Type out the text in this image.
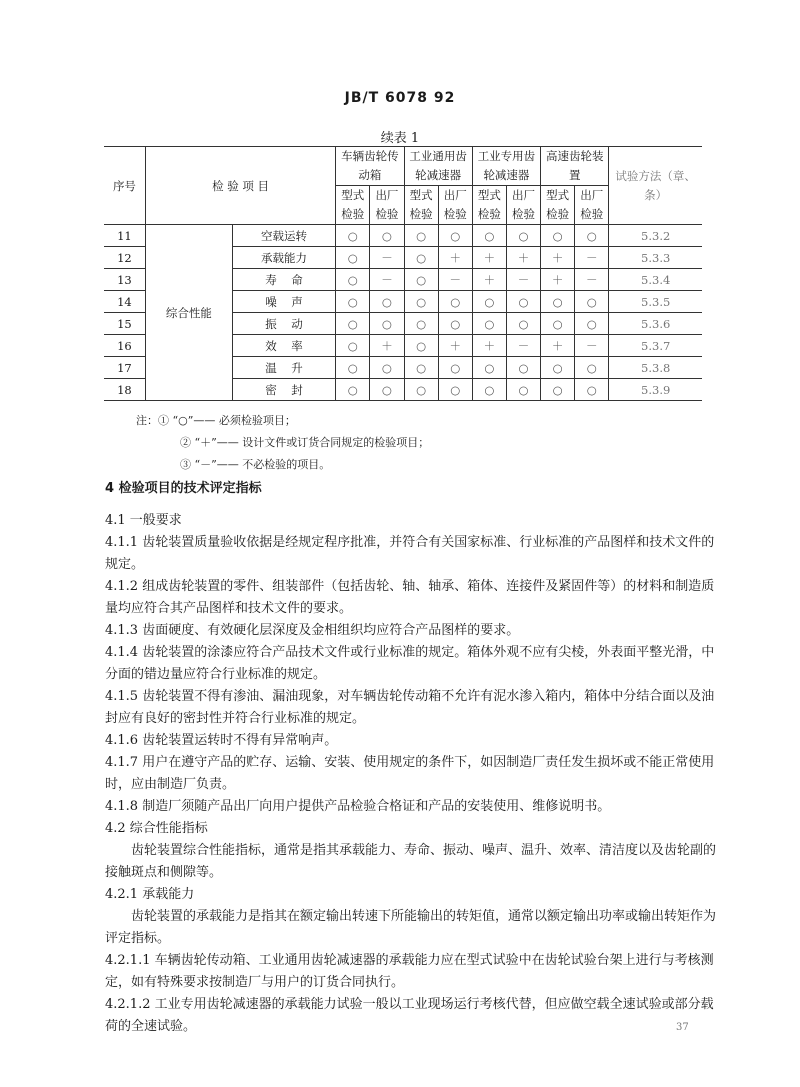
JB/T 6078 92
续表 1
序号	检 验 项 目		车辆齿轮传动箱		工业通用齿轮减速器		工业专用齿轮减速器		高速齿轮装置		试验方法（章、条）

			型式检验	出厂检验	型式检验	出厂检验	型式检验	出厂检验	型式检验	出厂检验	
11	综合性能	空载运转	○	○	○	○	○	○	○	○	5.3.2
12		承载能力	○	－	○	＋	＋	＋	＋	－	5.3.3
13		寿    命	○	－	○	－	＋	－	＋	－	5.3.4
14		噪    声	○	○	○	○	○	○	○	○	5.3.5
15		振    动	○	○	○	○	○	○	○	○	5.3.6
16		效    率	○	＋	○	＋	＋	－	＋	－	5.3.7
17		温    升	○	○	○	○	○	○	○	○	5.3.8
18		密    封	○	○	○	○	○	○	○	○	5.3.9
注：① “○”—— 必须检验项目；
② “＋”—— 设计文件或订货合同规定的检验项目；
③ “－”—— 不必检验的项目。

4 检验项目的技术评定指标

4.1 一般要求

4.1.1 齿轮装置质量验收依据是经规定程序批准，并符合有关国家标准、行业标准的产品图样和技术文件的规定。

4.1.2 组成齿轮装置的零件、组装部件（包括齿轮、轴、轴承、箱体、连接件及紧固件等）的材料和制造质量均应符合其产品图样和技术文件的要求。

4.1.3 齿面硬度、有效硬化层深度及金相组织均应符合产品图样的要求。

4.1.4 齿轮装置的涂漆应符合产品技术文件或行业标准的规定。箱体外观不应有尖棱，外表面平整光滑，中分面的错边量应符合行业标准的规定。

4.1.5 齿轮装置不得有渗油、漏油现象，对车辆齿轮传动箱不允许有泥水渗入箱内，箱体中分结合面以及油封应有良好的密封性并符合行业标准的规定。

4.1.6 齿轮装置运转时不得有异常响声。

4.1.7 用户在遵守产品的贮存、运输、安装、使用规定的条件下，如因制造厂责任发生损坏或不能正常使用时，应由制造厂负责。

4.1.8 制造厂须随产品出厂向用户提供产品检验合格证和产品的安装使用、维修说明书。

4.2 综合性能指标

齿轮装置综合性能指标，通常是指其承载能力、寿命、振动、噪声、温升、效率、清洁度以及齿轮副的接触斑点和侧隙等。

4.2.1 承载能力

齿轮装置的承载能力是指其在额定输出转速下所能输出的转矩值，通常以额定输出功率或输出转矩作为评定指标。

4.2.1.1 车辆齿轮传动箱、工业通用齿轮减速器的承载能力应在型式试验中在齿轮试验台架上进行与考核测定，如有特殊要求按制造厂与用户的订货合同执行。

4.2.1.2 工业专用齿轮减速器的承载能力试验一般以工业现场运行考核代替，但应做空载全速试验或部分载荷的全速试验。	37
